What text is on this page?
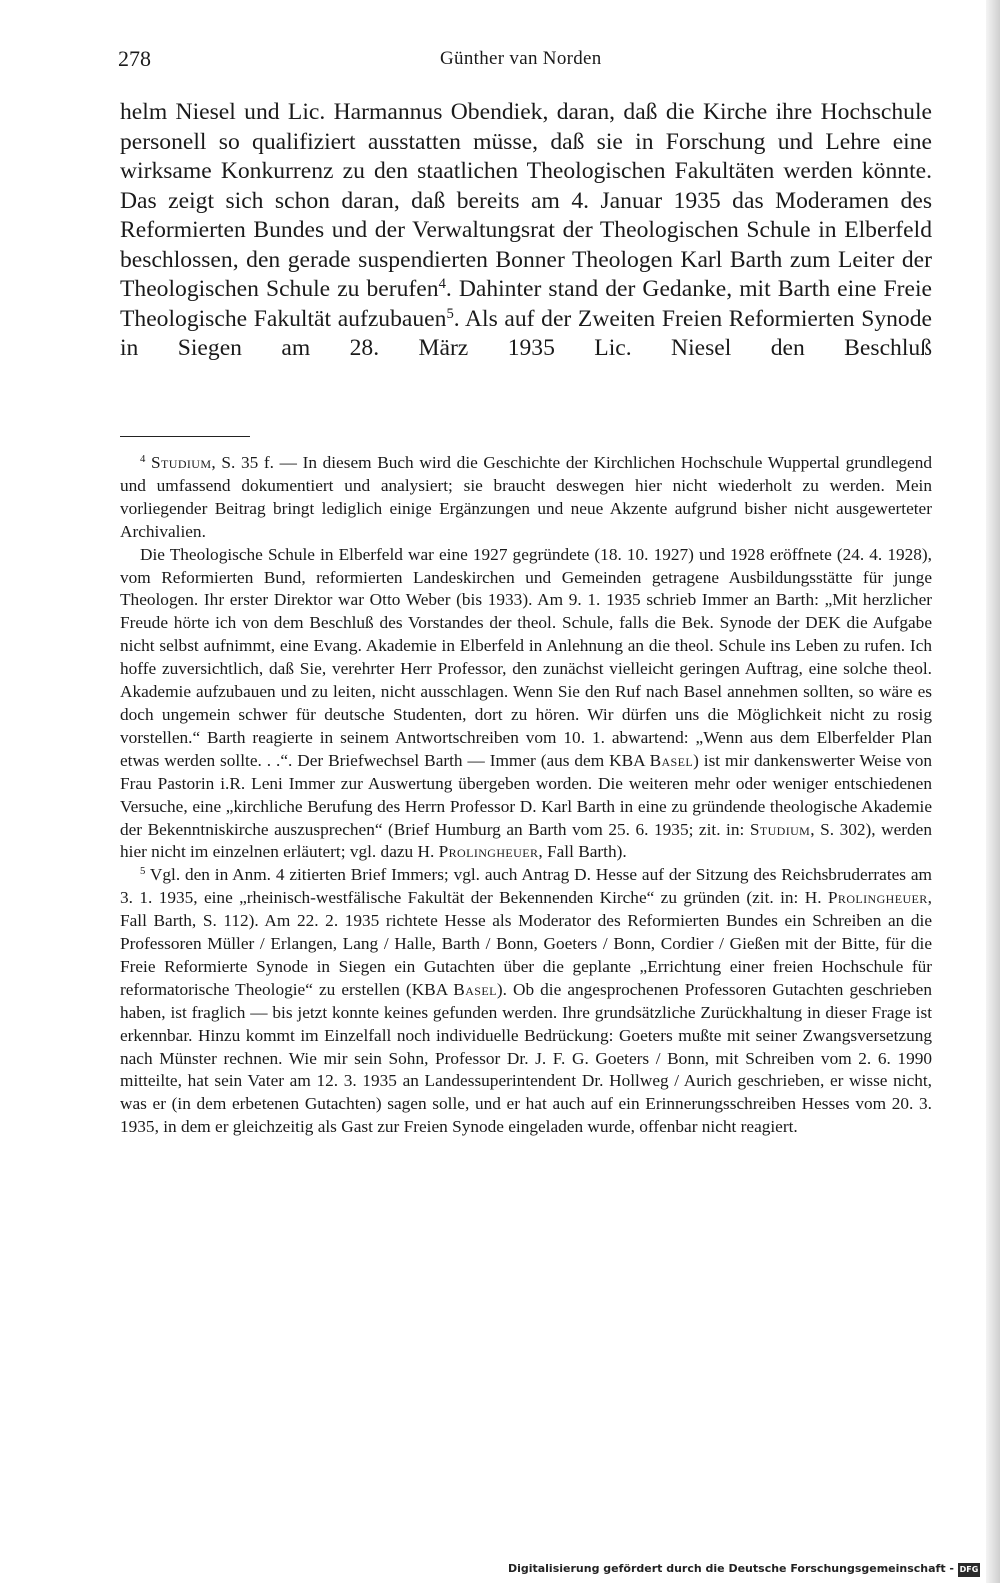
278	Günther van Norden

helm Niesel und Lic. Harmannus Obendiek, daran, daß die Kirche ihre Hochschule personell so qualifiziert ausstatten müsse, daß sie in Forschung und Lehre eine wirksame Konkurrenz zu den staatlichen Theologischen Fakultäten werden könnte. Das zeigt sich schon daran, daß bereits am 4. Januar 1935 das Moderamen des Reformierten Bundes und der Verwaltungsrat der Theologischen Schule in Elberfeld beschlossen, den gerade suspendierten Bonner Theologen Karl Barth zum Leiter der Theologischen Schule zu berufen$^4$. Dahinter stand der Gedanke, mit Barth eine Freie Theologische Fakultät aufzubauen$^5$. Als auf der Zweiten Freien Reformierten Synode in Siegen am 28. März 1935 Lic. Niesel den Beschluß

$^4$ Studium, S. 35 f. — In diesem Buch wird die Geschichte der Kirchlichen Hochschule Wuppertal grundlegend und umfassend dokumentiert und analysiert; sie braucht deswegen hier nicht wiederholt zu werden. Mein vorliegender Beitrag bringt lediglich einige Ergänzungen und neue Akzente aufgrund bisher nicht ausgewerteter Archivalien.

Die Theologische Schule in Elberfeld war eine 1927 gegründete (18. 10. 1927) und 1928 eröffnete (24. 4. 1928), vom Reformierten Bund, reformierten Landeskirchen und Gemeinden getragene Ausbildungsstätte für junge Theologen. Ihr erster Direktor war Otto Weber (bis 1933). Am 9. 1. 1935 schrieb Immer an Barth: „Mit herzlicher Freude hörte ich von dem Beschluß des Vorstandes der theol. Schule, falls die Bek. Synode der DEK die Aufgabe nicht selbst aufnimmt, eine Evang. Akademie in Elberfeld in Anlehnung an die theol. Schule ins Leben zu rufen. Ich hoffe zuversichtlich, daß Sie, verehrter Herr Professor, den zunächst vielleicht geringen Auftrag, eine solche theol. Akademie aufzubauen und zu leiten, nicht ausschlagen. Wenn Sie den Ruf nach Basel annehmen sollten, so wäre es doch ungemein schwer für deutsche Studenten, dort zu hören. Wir dürfen uns die Möglichkeit nicht zu rosig vorstellen.“ Barth reagierte in seinem Antwortschreiben vom 10. 1. abwartend: „Wenn aus dem Elberfelder Plan etwas werden sollte. . .“. Der Briefwechsel Barth — Immer (aus dem KBA Basel) ist mir dankenswerter Weise von Frau Pastorin i.R. Leni Immer zur Auswertung übergeben worden. Die weiteren mehr oder weniger entschiedenen Versuche, eine „kirchliche Berufung des Herrn Professor D. Karl Barth in eine zu gründende theologische Akademie der Bekenntniskirche auszusprechen“ (Brief Humburg an Barth vom 25. 6. 1935; zit. in: Studium, S. 302), werden hier nicht im einzelnen erläutert; vgl. dazu H. Prolingheuer, Fall Barth).

$^5$ Vgl. den in Anm. 4 zitierten Brief Immers; vgl. auch Antrag D. Hesse auf der Sitzung des Reichsbruderrates am 3. 1. 1935, eine „rheinisch-westfälische Fakultät der Bekennenden Kirche“ zu gründen (zit. in: H. Prolingheuer, Fall Barth, S. 112). Am 22. 2. 1935 richtete Hesse als Moderator des Reformierten Bundes ein Schreiben an die Professoren Müller / Erlangen, Lang / Halle, Barth / Bonn, Goeters / Bonn, Cordier / Gießen mit der Bitte, für die Freie Reformierte Synode in Siegen ein Gutachten über die geplante „Errichtung einer freien Hochschule für reformatorische Theologie“ zu erstellen (KBA Basel). Ob die angesprochenen Professoren Gutachten geschrieben haben, ist fraglich — bis jetzt konnte keines gefunden werden. Ihre grundsätzliche Zurückhaltung in dieser Frage ist erkennbar. Hinzu kommt im Einzelfall noch individuelle Bedrückung: Goeters mußte mit seiner Zwangsversetzung nach Münster rechnen. Wie mir sein Sohn, Professor Dr. J. F. G. Goeters / Bonn, mit Schreiben vom 2. 6. 1990 mitteilte, hat sein Vater am 12. 3. 1935 an Landessuperintendent Dr. Hollweg / Aurich geschrieben, er wisse nicht, was er (in dem erbetenen Gutachten) sagen solle, und er hat auch auf ein Erinnerungsschreiben Hesses vom 20. 3. 1935, in dem er gleichzeitig als Gast zur Freien Synode eingeladen wurde, offenbar nicht reagiert.

Digitalisierung gefördert durch die Deutsche Forschungsgemeinschaft - DFG
